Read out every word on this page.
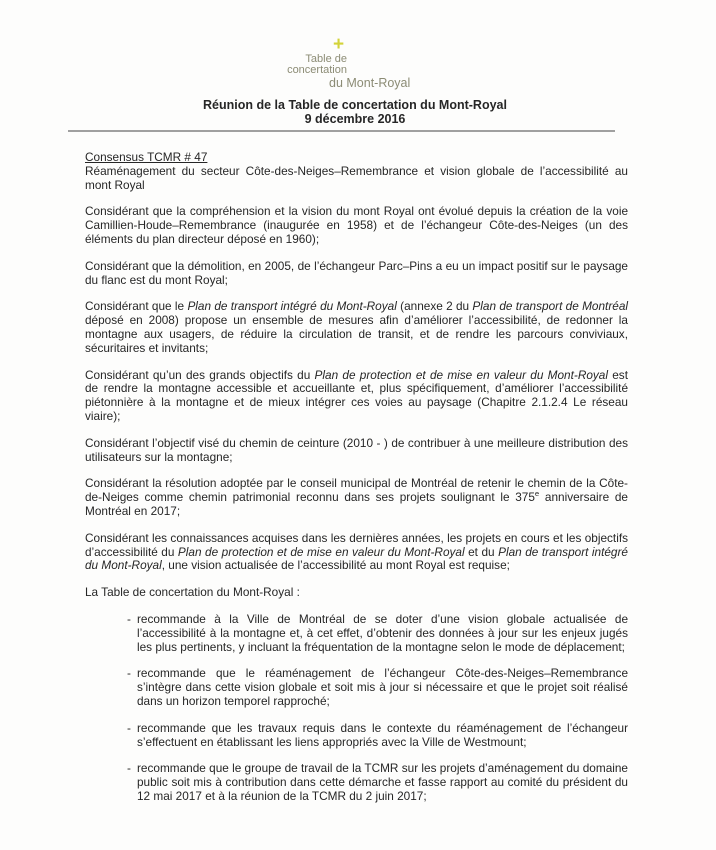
+
Table de
concertation
du Mont-Royal
Réunion de la Table de concertation du Mont-Royal
9 décembre 2016

Consensus TCMR # 47

Réaménagement du secteur Côte-des-Neiges–Remembrance et vision globale de l’accessibilité au mont Royal

Considérant que la compréhension et la vision du mont Royal ont évolué depuis la création de la voie Camillien-Houde–Remembrance (inaugurée en 1958) et de l’échangeur Côte-des-Neiges (un des éléments du plan directeur déposé en 1960);

Considérant que la démolition, en 2005, de l’échangeur Parc–Pins a eu un impact positif sur le paysage du flanc est du mont Royal;

Considérant que le Plan de transport intégré du Mont-Royal (annexe 2 du Plan de transport de Montréal déposé en 2008) propose un ensemble de mesures afin d’améliorer l’accessibilité, de redonner la montagne aux usagers, de réduire la circulation de transit, et de rendre les parcours conviviaux, sécuritaires et invitants;

Considérant qu’un des grands objectifs du Plan de protection et de mise en valeur du Mont-Royal est de rendre la montagne accessible et accueillante et, plus spécifiquement, d’améliorer l’accessibilité piétonnière à la montagne et de mieux intégrer ces voies au paysage (Chapitre 2.1.2.4 Le réseau viaire);

Considérant l’objectif visé du chemin de ceinture (2010 - ) de contribuer à une meilleure distribution des utilisateurs sur la montagne;

Considérant la résolution adoptée par le conseil municipal de Montréal de retenir le chemin de la Côte-de-Neiges comme chemin patrimonial reconnu dans ses projets soulignant le 375e anniversaire de Montréal en 2017;

Considérant les connaissances acquises dans les dernières années, les projets en cours et les objectifs d’accessibilité du Plan de protection et de mise en valeur du Mont-Royal et du Plan de transport intégré du Mont-Royal, une vision actualisée de l’accessibilité au mont Royal est requise;

La Table de concertation du Mont-Royal :

- recommande à la Ville de Montréal de se doter d’une vision globale actualisée de l’accessibilité à la montagne et, à cet effet, d’obtenir des données à jour sur les enjeux jugés les plus pertinents, y incluant la fréquentation de la montagne selon le mode de déplacement;
- recommande que le réaménagement de l’échangeur Côte-des-Neiges–Remembrance s’intègre dans cette vision globale et soit mis à jour si nécessaire et que le projet soit réalisé dans un horizon temporel rapproché;
- recommande que les travaux requis dans le contexte du réaménagement de l’échangeur s’effectuent en établissant les liens appropriés avec la Ville de Westmount;
- recommande que le groupe de travail de la TCMR sur les projets d’aménagement du domaine public soit mis à contribution dans cette démarche et fasse rapport au comité du président du 12 mai 2017 et à la réunion de la TCMR du 2 juin 2017;
